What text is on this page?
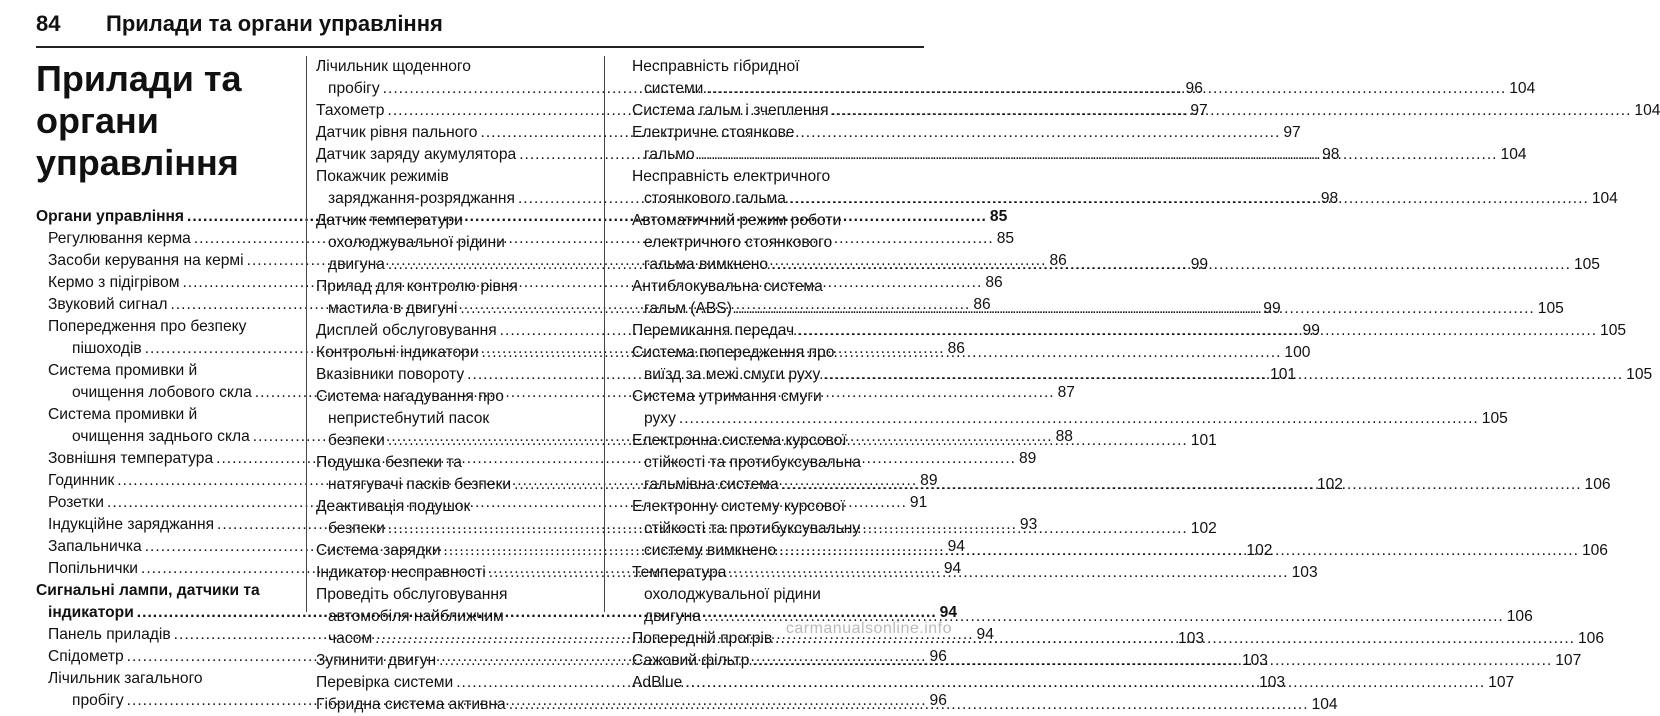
84	Прилади та органи управління
Прилади та органи
управління
Органи управління .....	85
Регулювання керма .....	85
Засоби керування на кермі .....	86
Кермо з підігрівом .....	86
Звуковий сигнал .....	86
Попередження про безпеку
пішоходів .....	86
Система промивки й
очищення лобового скла .....	87
Система промивки й
очищення заднього скла .....	88
Зовнішня температура .....	89
Годинник .....	89
Розетки .....	91
Індукційне заряджання .....	93
Запальничка .....	94
Попільнички .....	94
Сигнальні лампи, датчики та
індикатори .....	94
Панель приладів .....	94
Спідометр .....	96
Лічильник загального
пробігу .....	96
Лічильник щоденного
пробігу .....	96
Тахометр .....	97
Датчик рівня пального .....	97
Датчик заряду акумулятора .....	98
Покажчик режимів
заряджання-розряджання .....	98
Датчик температури
охолоджувальної рідини
двигуна .....	99
Прилад для контролю рівня
мастила в двигуні .....	99
Дисплей обслуговування .....	99
Контрольні індикатори .....	100
Вказівники повороту .....	101
Система нагадування про
непристебнутий пасок
безпеки .....	101
Подушка безпеки та
натягувачі пасків безпеки .....	102
Деактивація подушок
безпеки .....	102
Система зарядки .....	102
Індикатор несправності .....	103
Проведіть обслуговування
автомобіля найближчим
часом .....	103
Зупинити двигун .....	103
Перевірка системи .....	103
Гібридна система активна .....	104
Несправність гібридної
системи .....	104
Система гальм і зчеплення .....	104
Електричне стоянкове
гальмо .....	104
Несправність електричного
стоянкового гальма .....	104
Автоматичний режим роботи
електричного стоянкового
гальма вимкнено .....	105
Антиблокувальна система
гальм (ABS) .....	105
Перемикання передач .....	105
Система попередження про
виїзд за межі смуги руху .....	105
Система утримання смуги
руху .....	105
Електронна система курсової
стійкості та протибуксувальна
гальмівна система .....	106
Електронну систему курсової
стійкості та протибуксувальну
систему вимкнено .....	106
Температура
охолоджувальної рідини
двигуна .....	106
Попередній прогрів .....	106
Сажовий фільтр .....	107
AdBlue .....	107
carmanualsonline.info
